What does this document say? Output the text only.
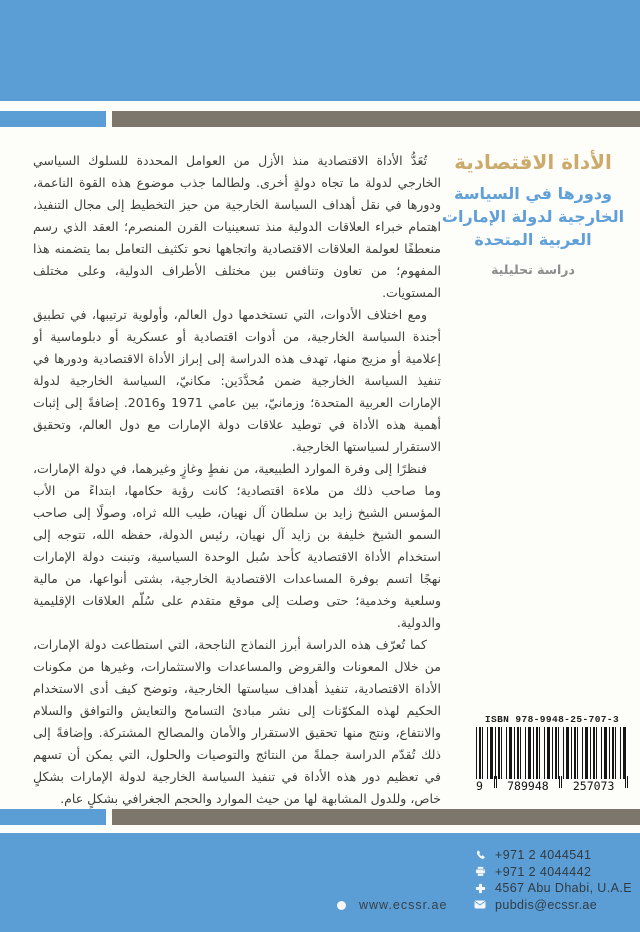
الأداة الاقتصادية
ودورها في السياسة الخارجية لدولة الإمارات العربية المتحدة
دراسة تحليلية

تُعَدُّ الأداة الاقتصادية منذ الأزل من العوامل المحددة للسلوك السياسي الخارجي لدولة ما تجاه دولةٍ أخرى. ولطالما جذب موضوع هذه القوة الناعمة، ودورها في نقل أهداف السياسة الخارجية من حيز التخطيط إلى مجال التنفيذ، اهتمام خبراء العلاقات الدولية منذ تسعينيات القرن المنصرم؛ العقد الذي رسم منعطفًا لعولمة العلاقات الاقتصادية واتجاهها نحو تكثيف التعامل بما يتضمنه هذا المفهوم؛ من تعاون وتنافس بين مختلف الأطراف الدولية، وعلى مختلف المستويات.

ومع اختلاف الأدوات، التي تستخدمها دول العالم، وأولوية ترتيبها، في تطبيق أجندة السياسة الخارجية، من أدوات اقتصادية أو عسكرية أو دبلوماسية أو إعلامية أو مزيج منها، تهدف هذه الدراسة إلى إبراز الأداة الاقتصادية ودورها في تنفيذ السياسة الخارجية ضمن مُحدَّدَين: مكانيّ، السياسة الخارجية لدولة الإمارات العربية المتحدة؛ وزمانيّ، بين عامي 1971 و2016. إضافةً إلى إثبات أهمية هذه الأداة في توطيد علاقات دولة الإمارات مع دول العالم، وتحقيق الاستقرار لسياستها الخارجية.

فنظرًا إلى وفرة الموارد الطبيعية، من نفطٍ وغازٍ وغيرهما، في دولة الإمارات، وما صاحب ذلك من ملاءة اقتصادية؛ كانت رؤية حكامها، ابتداءً من الأب المؤسس الشيخ زايد بن سلطان آل نهيان، طيب الله ثراه، وصولًا إلى صاحب السمو الشيخ خليفة بن زايد آل نهيان، رئيس الدولة، حفظه الله، تتوجه إلى استخدام الأداة الاقتصادية كأحد سُبل الوحدة السياسية، وتبنت دولة الإمارات نهجًا اتسم بوفرة المساعدات الاقتصادية الخارجية، بشتى أنواعها، من مالية وسلعية وخدمية؛ حتى وصلت إلى موقع متقدم على سُلّم العلاقات الإقليمية والدولية.

كما تُعرّف هذه الدراسة أبرز النماذج الناجحة، التي استطاعت دولة الإمارات، من خلال المعونات والقروض والمساعدات والاستثمارات، وغيرها من مكونات الأداة الاقتصادية، تنفيذ أهداف سياستها الخارجية، وتوضح كيف أدى الاستخدام الحكيم لهذه المكوّنات إلى نشر مبادئ التسامح والتعايش والتوافق والسلام والانتفاع، ونتج منها تحقيق الاستقرار والأمان والمصالح المشتركة. وإضافةً إلى ذلك تُقدّم الدراسة جملةً من النتائج والتوصيات والحلول، التي يمكن أن تسهم في تعظيم دور هذه الأداة في تنفيذ السياسة الخارجية لدولة الإمارات بشكلٍ خاص، وللدول المشابهة لها من حيث الموارد والحجم الجغرافي بشكلٍ عام.

ISBN 978-9948-25-707-3
9 789948 257073
www.ecssr.ae
+971 2 4044541
+971 2 4044442
4567 Abu Dhabi, U.A.E
pubdis@ecssr.ae
